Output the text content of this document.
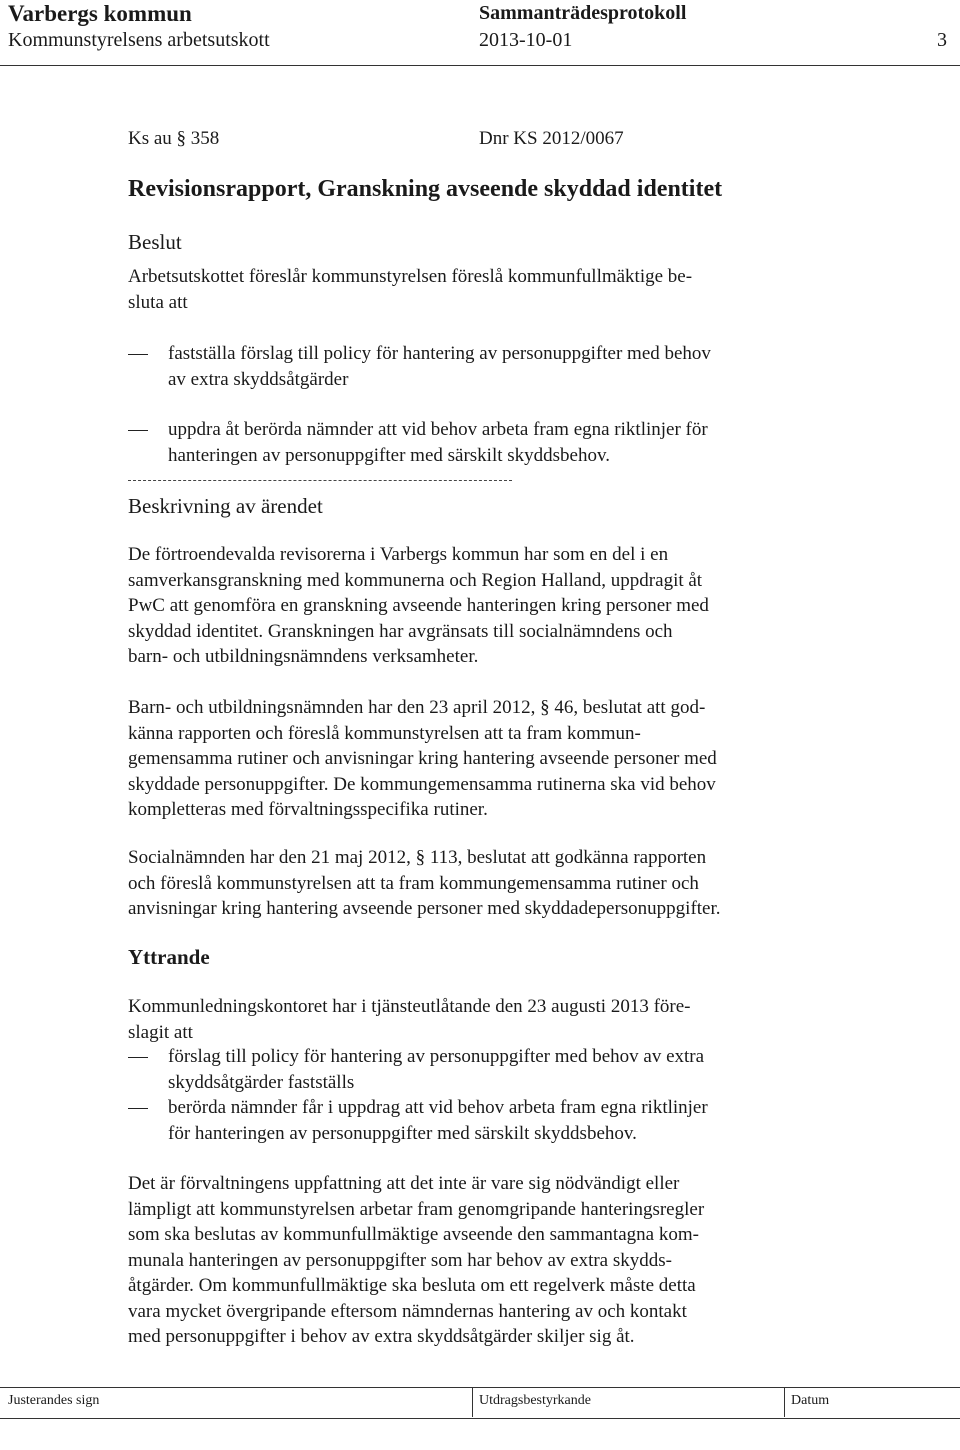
Varbergs kommun	Sammanträdesprotokoll
Kommunstyrelsens arbetsutskott	2013-10-01	3
Ks au § 358	Dnr KS 2012/0067
Revisionsrapport, Granskning avseende skyddad identitet
Beslut
Arbetsutskottet föreslår kommunstyrelsen föreslå kommunfullmäktige be-
sluta att
fastställa förslag till policy för hantering av personuppgifter med behov
av extra skyddsåtgärder
uppdra åt berörda nämnder att vid behov arbeta fram egna riktlinjer för
hanteringen av personuppgifter med särskilt skyddsbehov.
Beskrivning av ärendet
De förtroendevalda revisorerna i Varbergs kommun har som en del i en
samverkansgranskning med kommunerna och Region Halland, uppdragit åt
PwC att genomföra en granskning avseende hanteringen kring personer med
skyddad identitet. Granskningen har avgränsats till socialnämndens och
barn- och utbildningsnämndens verksamheter.
Barn- och utbildningsnämnden har den 23 april 2012, § 46, beslutat att god-
känna rapporten och föreslå kommunstyrelsen att ta fram kommun-
gemensamma rutiner och anvisningar kring hantering avseende personer med
skyddade personuppgifter. De kommungemensamma rutinerna ska vid behov
kompletteras med förvaltningsspecifika rutiner.
Socialnämnden har den 21 maj 2012, § 113, beslutat att godkänna rapporten
och föreslå kommunstyrelsen att ta fram kommungemensamma rutiner och
anvisningar kring hantering avseende personer med skyddadepersonuppgifter.
Yttrande
Kommunledningskontoret har i tjänsteutlåtande den 23 augusti 2013 före-
slagit att
förslag till policy för hantering av personuppgifter med behov av extra
skyddsåtgärder fastställs
berörda nämnder får i uppdrag att vid behov arbeta fram egna riktlinjer
för hanteringen av personuppgifter med särskilt skyddsbehov.
Det är förvaltningens uppfattning att det inte är vare sig nödvändigt eller
lämpligt att kommunstyrelsen arbetar fram genomgripande hanteringsregler
som ska beslutas av kommunfullmäktige avseende den sammantagna kom-
munala hanteringen av personuppgifter som har behov av extra skydds-
åtgärder. Om kommunfullmäktige ska besluta om ett regelverk måste detta
vara mycket övergripande eftersom nämndernas hantering av och kontakt
med personuppgifter i behov av extra skyddsåtgärder skiljer sig åt.
Justerandes sign	Utdragsbestyrkande	Datum
